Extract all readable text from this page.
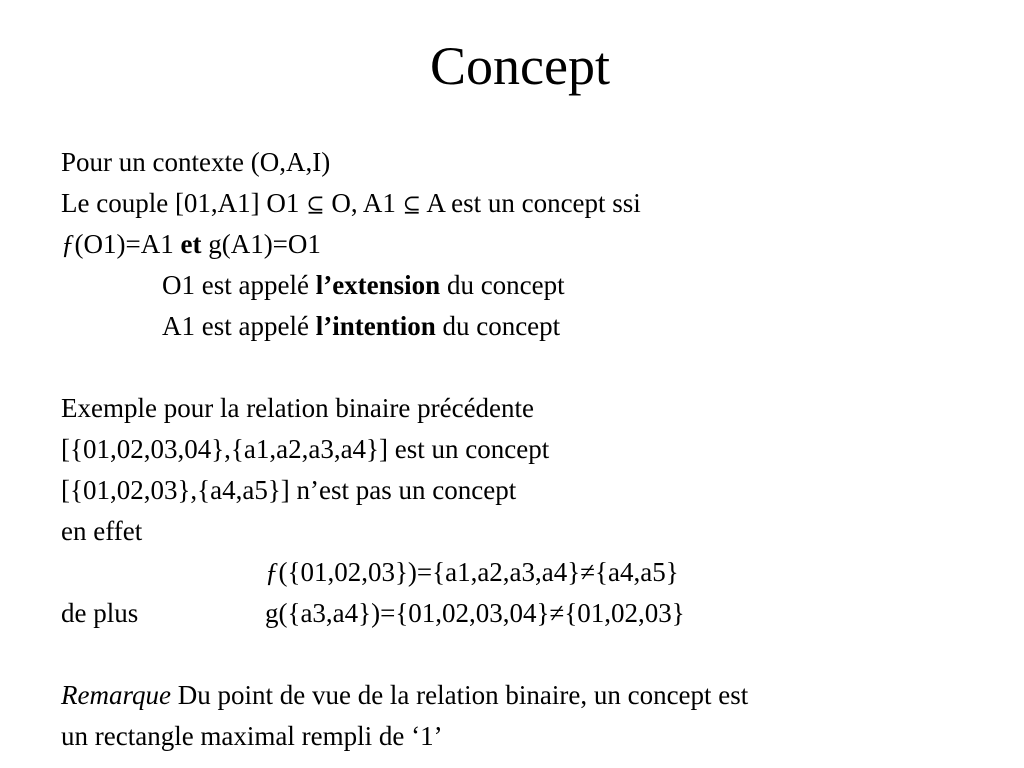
Concept
Pour un contexte (O,A,I)
Le couple [01,A1] O1 ⊆ O, A1 ⊆ A est un concept ssi
ƒ(O1)=A1 et g(A1)=O1
O1 est appelé l’extension du concept
A1 est appelé l’intention du concept
Exemple pour la relation binaire précédente
[{01,02,03,04},{a1,a2,a3,a4}] est un concept
[{01,02,03},{a4,a5}] n’est pas un concept
en effet
ƒ({01,02,03})={a1,a2,a3,a4}≠{a4,a5}
de plus	g({a3,a4})={01,02,03,04}≠{01,02,03}
Remarque Du point de vue de la relation binaire, un concept est
un rectangle maximal rempli de ‘1’
